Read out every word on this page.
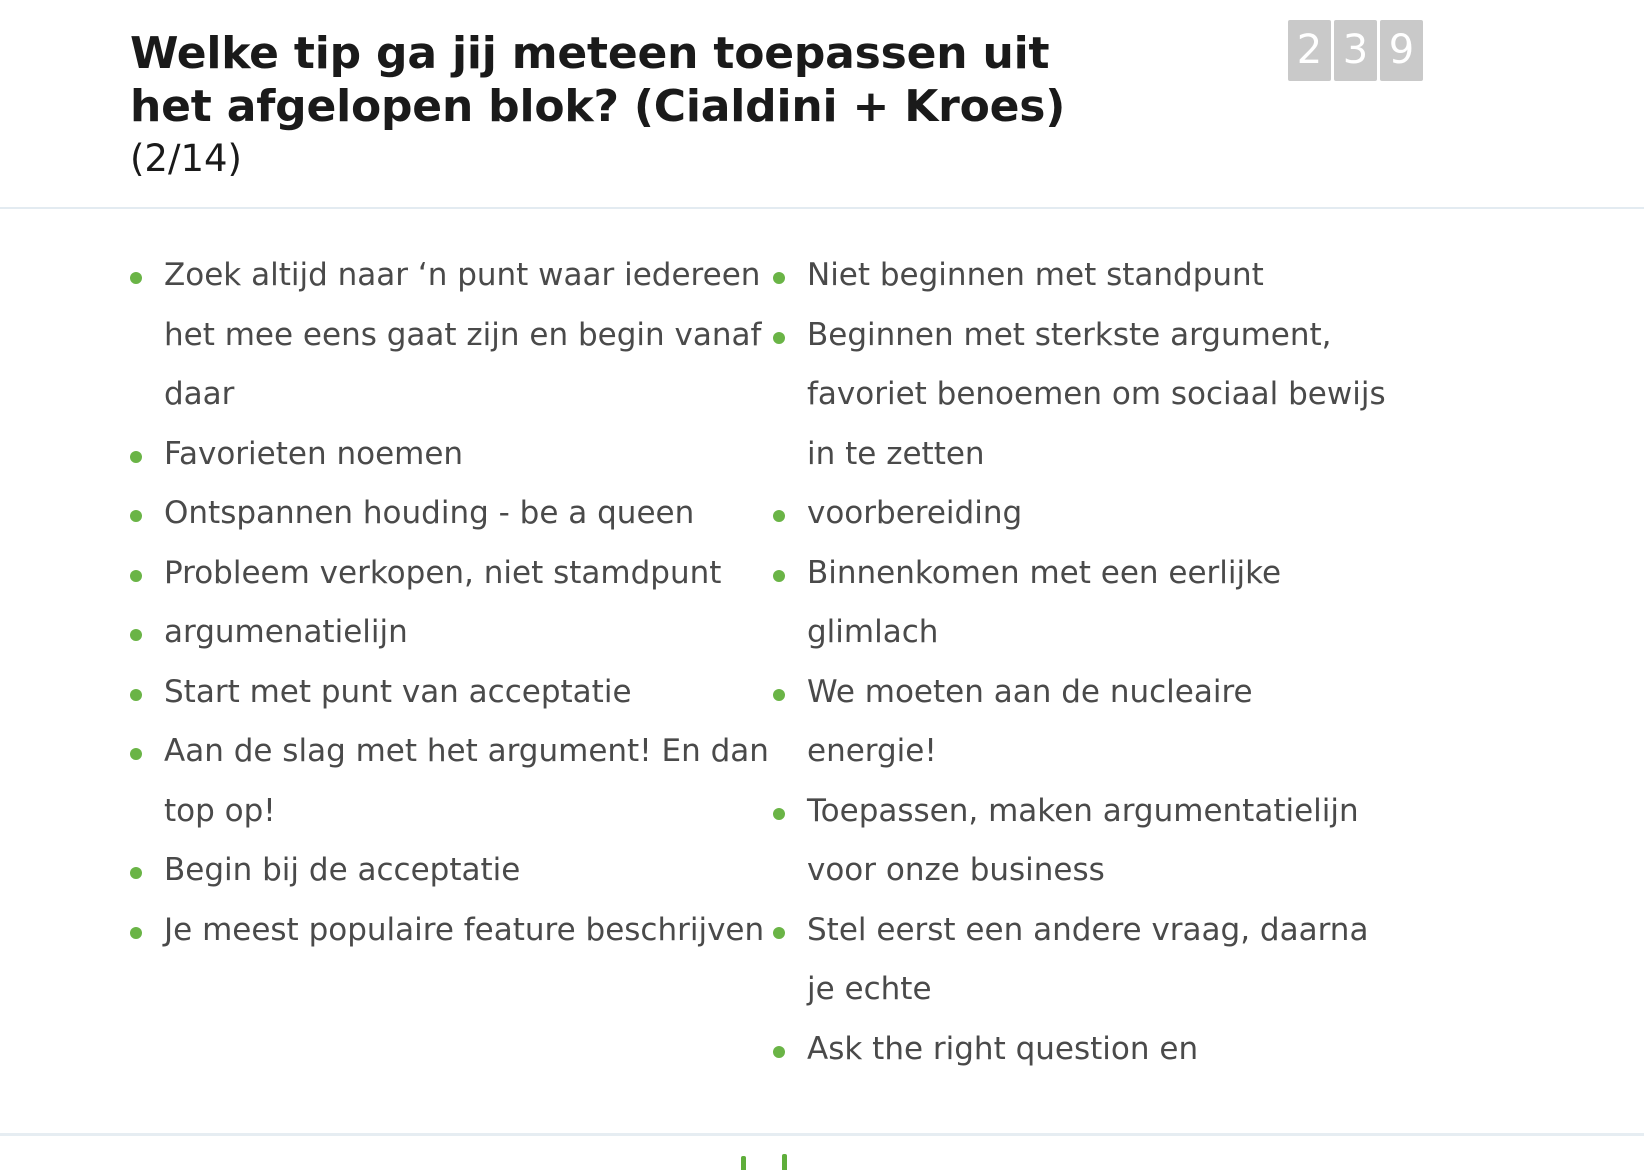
Welke tip ga jij meteen toepassen uit het afgelopen blok? (Cialdini + Kroes)
(2/14)
2 3 9
Zoek altijd naar ‘n punt waar iedereen het mee eens gaat zijn en begin vanaf daar
Favorieten noemen
Ontspannen houding - be a queen
Probleem verkopen, niet stamdpunt
argumenatielijn
Start met punt van acceptatie
Aan de slag met het argument! En dan top op!
Begin bij de acceptatie
Je meest populaire feature beschrijven
Niet beginnen met standpunt
Beginnen met sterkste argument, favoriet benoemen om sociaal bewijs in te zetten
voorbereiding
Binnenkomen met een eerlijke glimlach
We moeten aan de nucleaire energie!
Toepassen, maken argumentatielijn voor onze business
Stel eerst een andere vraag, daarna je echte
Ask the right question en
